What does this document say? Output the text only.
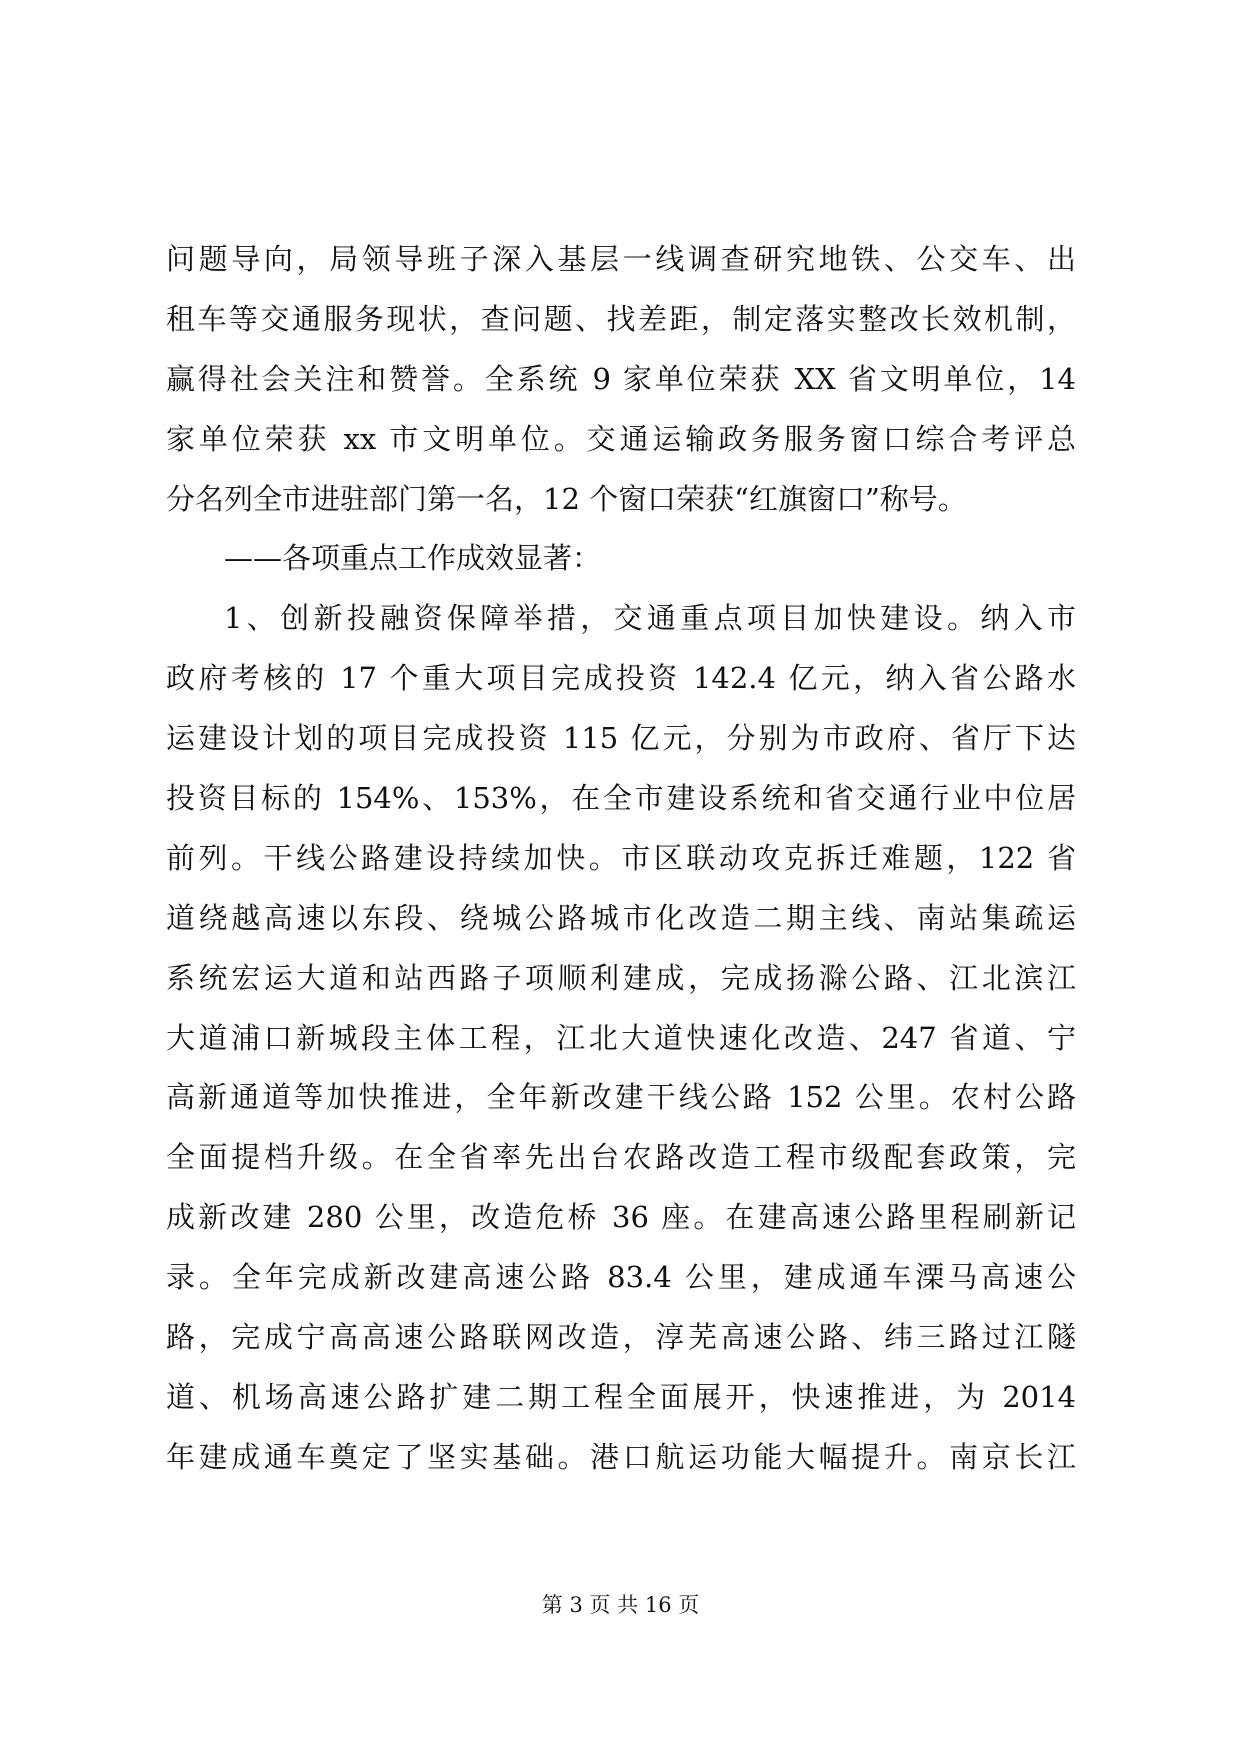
问题导向，局领导班子深入基层一线调查研究地铁、公交车、出
租车等交通服务现状，查问题、找差距，制定落实整改长效机制，
赢得社会关注和赞誉。全系统 9 家单位荣获 XX 省文明单位，14
家单位荣获 xx 市文明单位。交通运输政务服务窗口综合考评总
分名列全市进驻部门第一名，12 个窗口荣获“红旗窗口”称号。
——各项重点工作成效显著：
1、创新投融资保障举措，交通重点项目加快建设。纳入市
政府考核的 17 个重大项目完成投资 142.4 亿元，纳入省公路水
运建设计划的项目完成投资 115 亿元，分别为市政府、省厅下达
投资目标的 154%、153%，在全市建设系统和省交通行业中位居
前列。干线公路建设持续加快。市区联动攻克拆迁难题，122 省
道绕越高速以东段、绕城公路城市化改造二期主线、南站集疏运
系统宏运大道和站西路子项顺利建成，完成扬滁公路、江北滨江
大道浦口新城段主体工程，江北大道快速化改造、247 省道、宁
高新通道等加快推进，全年新改建干线公路 152 公里。农村公路
全面提档升级。在全省率先出台农路改造工程市级配套政策，完
成新改建 280 公里，改造危桥 36 座。在建高速公路里程刷新记
录。全年完成新改建高速公路 83.4 公里，建成通车溧马高速公
路，完成宁高高速公路联网改造，淳芜高速公路、纬三路过江隧
道、机场高速公路扩建二期工程全面展开，快速推进，为 2014
年建成通车奠定了坚实基础。港口航运功能大幅提升。南京长江
第 3 页 共 16 页
